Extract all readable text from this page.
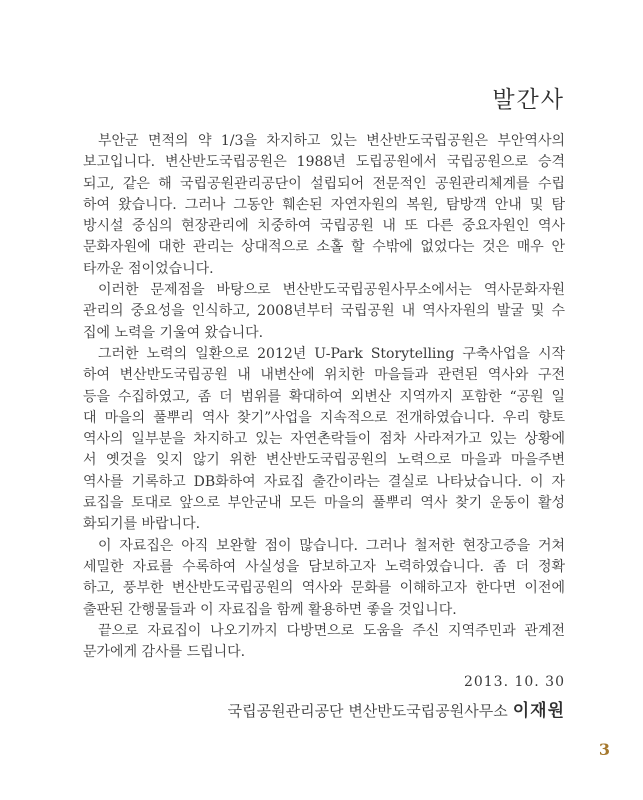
발간사
부안군 면적의 약 1/3을 차지하고 있는 변산반도국립공원은 부안역사의
보고입니다. 변산반도국립공원은 1988년 도립공원에서 국립공원으로 승격
되고, 같은 해 국립공원관리공단이 설립되어 전문적인 공원관리체계를 수립
하여 왔습니다. 그러나 그동안 훼손된 자연자원의 복원, 탐방객 안내 및 탐
방시설 중심의 현장관리에 치중하여 국립공원 내 또 다른 중요자원인 역사
문화자원에 대한 관리는 상대적으로 소홀 할 수밖에 없었다는 것은 매우 안
타까운 점이었습니다.
이러한 문제점을 바탕으로 변산반도국립공원사무소에서는 역사문화자원
관리의 중요성을 인식하고, 2008년부터 국립공원 내 역사자원의 발굴 및 수
집에 노력을 기울여 왔습니다.
그러한 노력의 일환으로 2012년 U-Park Storytelling 구축사업을 시작
하여 변산반도국립공원 내 내변산에 위치한 마을들과 관련된 역사와 구전
등을 수집하였고, 좀 더 범위를 확대하여 외변산 지역까지 포함한 “공원 일
대 마을의 풀뿌리 역사 찾기”사업을 지속적으로 전개하였습니다. 우리 향토
역사의 일부분을 차지하고 있는 자연촌락들이 점차 사라져가고 있는 상황에
서 옛것을 잊지 않기 위한 변산반도국립공원의 노력으로 마을과 마을주변
역사를 기록하고 DB화하여 자료집 출간이라는 결실로 나타났습니다. 이 자
료집을 토대로 앞으로 부안군내 모든 마을의 풀뿌리 역사 찾기 운동이 활성
화되기를 바랍니다.
이 자료집은 아직 보완할 점이 많습니다. 그러나 철저한 현장고증을 거쳐
세밀한 자료를 수록하여 사실성을 담보하고자 노력하였습니다. 좀 더 정확
하고, 풍부한 변산반도국립공원의 역사와 문화를 이해하고자 한다면 이전에
출판된 간행물들과 이 자료집을 함께 활용하면 좋을 것입니다.
끝으로 자료집이 나오기까지 다방면으로 도움을 주신 지역주민과 관계전
문가에게 감사를 드립니다.
2013. 10. 30
국립공원관리공단 변산반도국립공원사무소 이재원
3
